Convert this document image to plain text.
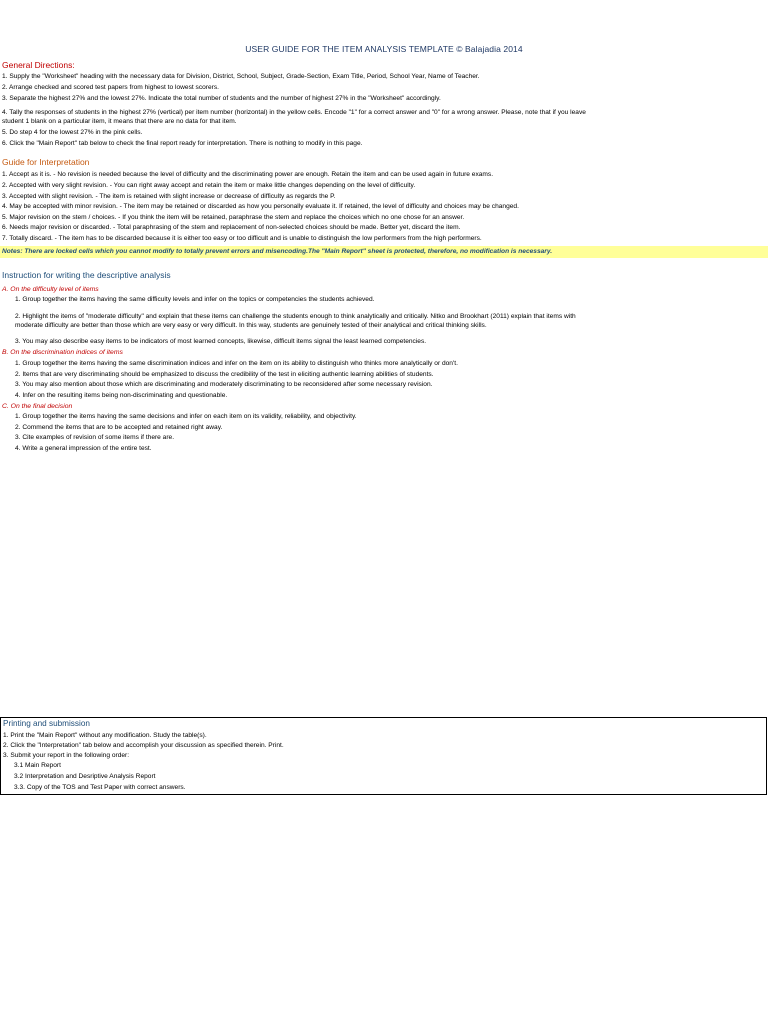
USER GUIDE FOR THE ITEM ANALYSIS TEMPLATE © Balajadia 2014
General Directions:
1. Supply the "Worksheet" heading with the necessary data for Division, District, School, Subject, Grade-Section, Exam Title, Period, School Year, Name of Teacher.
2. Arrange checked and scored test papers from highest to lowest scorers.
3. Separate the highest 27% and the lowest 27%. Indicate the total number of students and the number of highest 27% in the "Worksheet" accordingly.
4. Tally the responses of students in the highest 27% (vertical) per item number (horizontal) in the yellow cells. Encode "1" for a correct answer and "0" for a wrong answer. Please, note that if you leave
student 1 blank on a particular item, it means that there are no data for that item.
5. Do step 4 for the lowest 27% in the pink cells.
6. Click the "Main Report" tab below to check the final report ready for interpretation. There is nothing to modify in this page.
Guide for Interpretation
1. Accept as it is. - No revision is needed because the level of difficulty and the discriminating power are enough. Retain the item and can be used again in future exams.
2. Accepted with very slight revision. - You can right away accept and retain the item or make little changes depending on the level of difficulty.
3. Accepted with slight revision. - The item is retained with slight increase or decrease of difficulty as regards the P.
4. May be accepted with minor revision. - The item may be retained or discarded as how you personally evaluate it. If retained, the level of difficulty and choices may be changed.
5. Major revision on the stem / choices. - If you think the item will be retained, paraphrase the stem and replace the choices which no one chose for an answer.
6. Needs major revision or discarded. - Total paraphrasing of the stem and replacement of non-selected choices should be made. Better yet, discard the item.
7. Totally discard. - The item has to be discarded because it is either too easy or too difficult and is unable to distinguish the low performers from the high performers.
Notes: There are locked cells which you cannot modify to totally prevent errors and misencoding.The "Main Report" sheet is protected, therefore, no modification is necessary.
Instruction for writing the descriptive analysis
A. On the difficulty level of items
1. Group together the items having the same difficulty levels and infer on the topics or competencies the students achieved.
2. Highlight the items of "moderate difficulty" and explain that these items can challenge the students enough to think analytically and critically. Nitko and Brookhart (2011) explain that items with
moderate difficulty are better than those which are very easy or very difficult. In this way, students are genuinely tested of their analytical and critical thinking skills.
3. You may also describe easy items to be indicators of most learned concepts, likewise, difficult items signal the least learned competencies.
B. On the discrimination indices of items
1. Group together the items having the same discrimination indices and infer on the item on its ability to distinguish who thinks more analytically or don't.
2. Items that are very discriminating should be emphasized to discuss the credibility of the test in eliciting authentic learning abilities of students.
3. You may also mention about those which are discriminating and moderately discriminating to be reconsidered after some necessary revision.
4. Infer on the resulting items being non-discriminating and questionable.
C. On the final decision
1. Group together the items having the same decisions and infer on each item on its validity, reliability, and objectivity.
2. Commend the items that are to be accepted and retained right away.
3. Cite examples of revision of some items if there are.
4. Write a general impression of the entire test.
Printing and submission
1. Print the "Main Report" without any modification. Study the table(s).
2. Click the "Interpretation" tab below and accomplish your discussion as specified therein. Print.
3. Submit your report in the following order:
3.1 Main Report
3.2 Interpretation and Desriptive Analysis Report
3.3. Copy of the TOS and Test Paper with correct answers.
